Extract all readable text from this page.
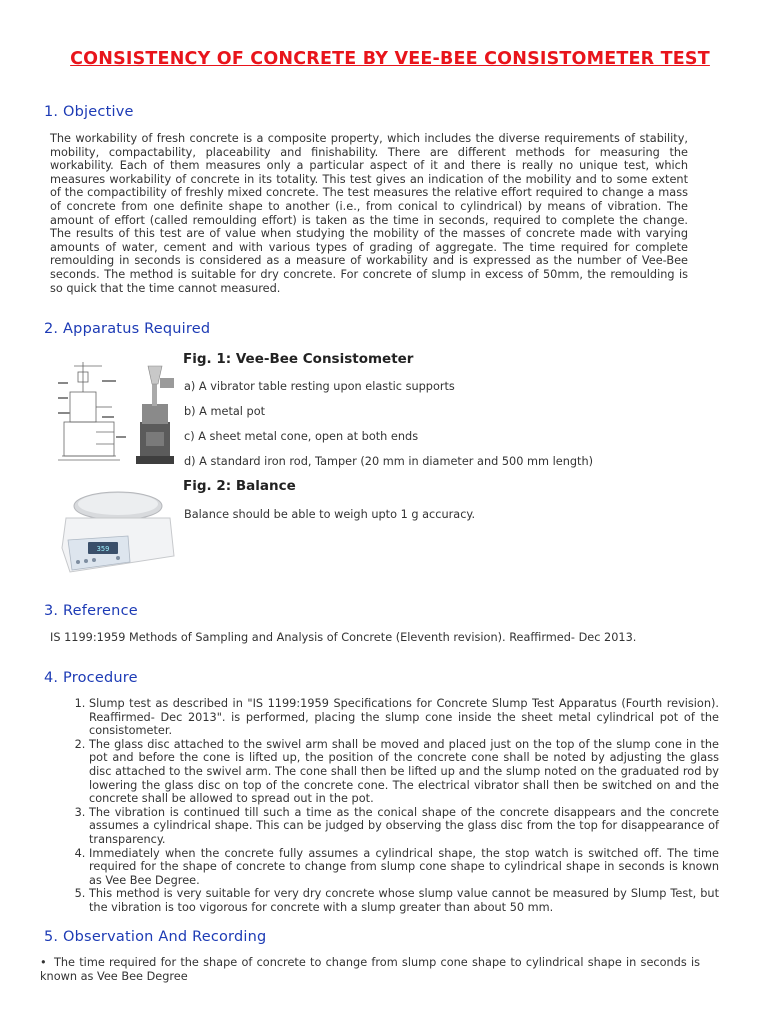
CONSISTENCY OF CONCRETE BY VEE-BEE CONSISTOMETER TEST
1. Objective

The workability of fresh concrete is a composite property, which includes the diverse requirements of stability, mobility, compactability, placeability and finishability. There are different methods for measuring the workability. Each of them measures only a particular aspect of it and there is really no unique test, which measures workability of concrete in its totality. This test gives an indication of the mobility and to some extent of the compactibility of freshly mixed concrete. The test measures the relative effort required to change a mass of concrete from one definite shape to another (i.e., from conical to cylindrical) by means of vibration. The amount of effort (called remoulding effort) is taken as the time in seconds, required to complete the change. The results of this test are of value when studying the mobility of the masses of concrete made with varying amounts of water, cement and with various types of grading of aggregate. The time required for complete remoulding in seconds is considered as a measure of workability and is expressed as the number of Vee-Bee seconds. The method is suitable for dry concrete. For concrete of slump in excess of 50mm, the remoulding is so quick that the time cannot measured.

2. Apparatus Required
Fig. 1: Vee-Bee Consistometer
a) A vibrator table resting upon elastic supports
b) A metal pot
c) A sheet metal cone, open at both ends
d) A standard iron rod, Tamper (20 mm in diameter and 500 mm length)
359
Fig. 2: Balance
Balance should be able to weigh upto 1 g accuracy.
3. Reference

IS 1199:1959 Methods of Sampling and Analysis of Concrete (Eleventh revision). Reaffirmed- Dec 2013.

4. Procedure
1. Slump test as described in "IS 1199:1959 Specifications for Concrete Slump Test Apparatus (Fourth revision). Reaffirmed- Dec 2013". is performed, placing the slump cone inside the sheet metal cylindrical pot of the consistometer.
2. The glass disc attached to the swivel arm shall be moved and placed just on the top of the slump cone in the pot and before the cone is lifted up, the position of the concrete cone shall be noted by adjusting the glass disc attached to the swivel arm. The cone shall then be lifted up and the slump noted on the graduated rod by lowering the glass disc on top of the concrete cone. The electrical vibrator shall then be switched on and the concrete shall be allowed to spread out in the pot.
3. The vibration is continued till such a time as the conical shape of the concrete disappears and the concrete assumes a cylindrical shape. This can be judged by observing the glass disc from the top for disappearance of transparency.
4. Immediately when the concrete fully assumes a cylindrical shape, the stop watch is switched off. The time required for the shape of concrete to change from slump cone shape to cylindrical shape in seconds is known as Vee Bee Degree.
5. This method is very suitable for very dry concrete whose slump value cannot be measured by Slump Test, but the vibration is too vigorous for concrete with a slump greater than about 50 mm.
5. Observation And Recording

• The time required for the shape of concrete to change from slump cone shape to cylindrical shape in seconds is known as Vee Bee Degree
